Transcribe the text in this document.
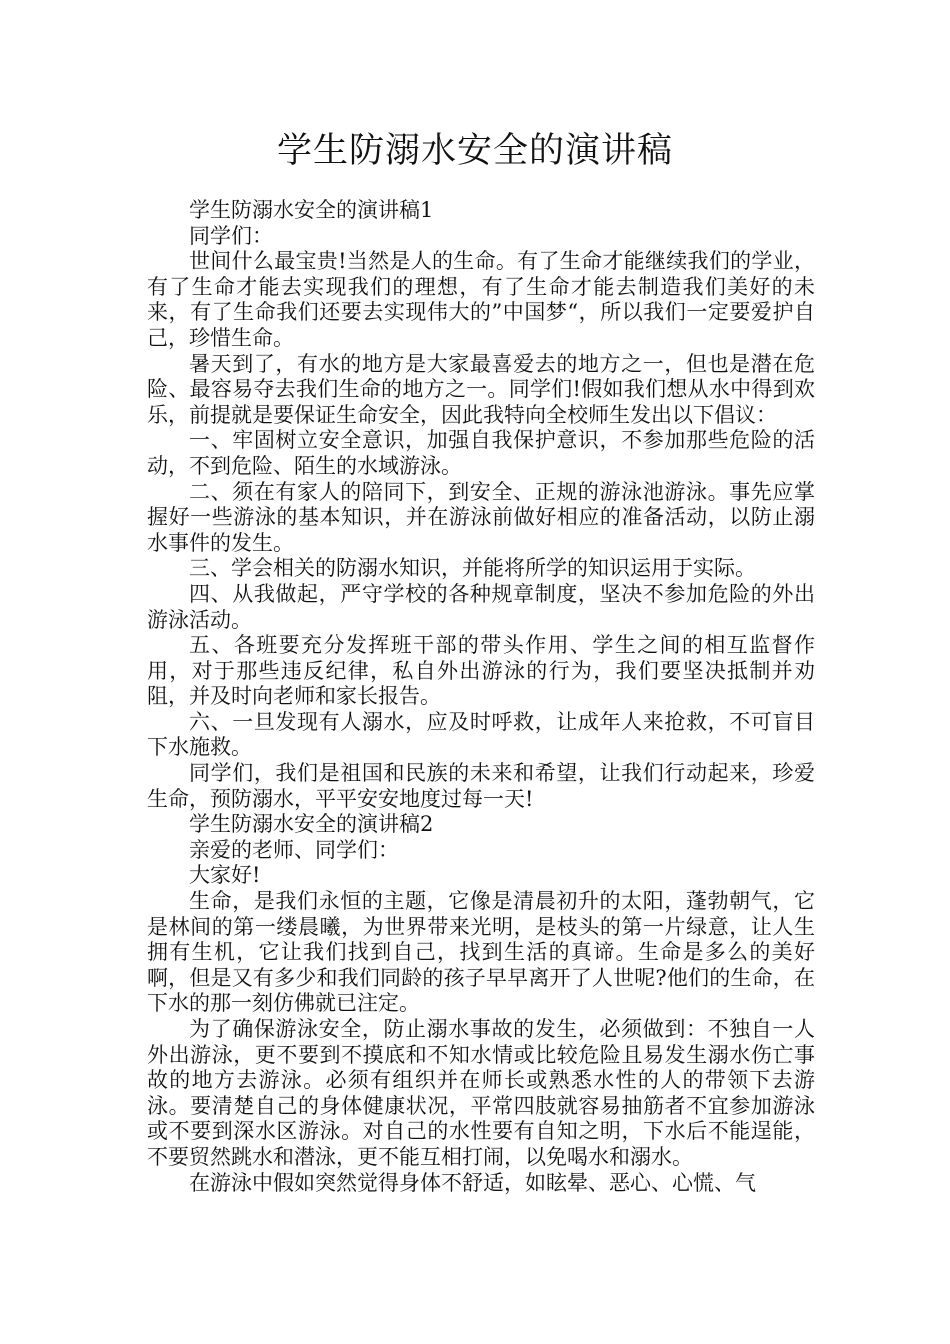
学生防溺水安全的演讲稿

学生防溺水安全的演讲稿1

同学们：

世间什么最宝贵!当然是人的生命。有了生命才能继续我们的学业，有了生命才能去实现我们的理想，有了生命才能去制造我们美好的未来，有了生命我们还要去实现伟大的”中国梦“，所以我们一定要爱护自己，珍惜生命。

暑天到了，有水的地方是大家最喜爱去的地方之一，但也是潜在危险、最容易夺去我们生命的地方之一。同学们!假如我们想从水中得到欢乐，前提就是要保证生命安全，因此我特向全校师生发出以下倡议：

一、牢固树立安全意识，加强自我保护意识，不参加那些危险的活动，不到危险、陌生的水域游泳。

二、须在有家人的陪同下，到安全、正规的游泳池游泳。事先应掌握好一些游泳的基本知识，并在游泳前做好相应的准备活动，以防止溺水事件的发生。

三、学会相关的防溺水知识，并能将所学的知识运用于实际。

四、从我做起，严守学校的各种规章制度，坚决不参加危险的外出游泳活动。

五、各班要充分发挥班干部的带头作用、学生之间的相互监督作用，对于那些违反纪律，私自外出游泳的行为，我们要坚决抵制并劝阻，并及时向老师和家长报告。

六、一旦发现有人溺水，应及时呼救，让成年人来抢救，不可盲目下水施救。

同学们，我们是祖国和民族的未来和希望，让我们行动起来，珍爱生命，预防溺水，平平安安地度过每一天!

学生防溺水安全的演讲稿2

亲爱的老师、同学们：

大家好!

生命，是我们永恒的主题，它像是清晨初升的太阳，蓬勃朝气，它是林间的第一缕晨曦，为世界带来光明，是枝头的第一片绿意，让人生拥有生机，它让我们找到自己，找到生活的真谛。生命是多么的美好啊，但是又有多少和我们同龄的孩子早早离开了人世呢?他们的生命，在下水的那一刻仿佛就已注定。

为了确保游泳安全，防止溺水事故的发生，必须做到：不独自一人外出游泳，更不要到不摸底和不知水情或比较危险且易发生溺水伤亡事故的地方去游泳。必须有组织并在师长或熟悉水性的人的带领下去游泳。要清楚自己的身体健康状况，平常四肢就容易抽筋者不宜参加游泳或不要到深水区游泳。对自己的水性要有自知之明，下水后不能逞能，不要贸然跳水和潜泳，更不能互相打闹，以免喝水和溺水。

在游泳中假如突然觉得身体不舒适，如眩晕、恶心、心慌、气
